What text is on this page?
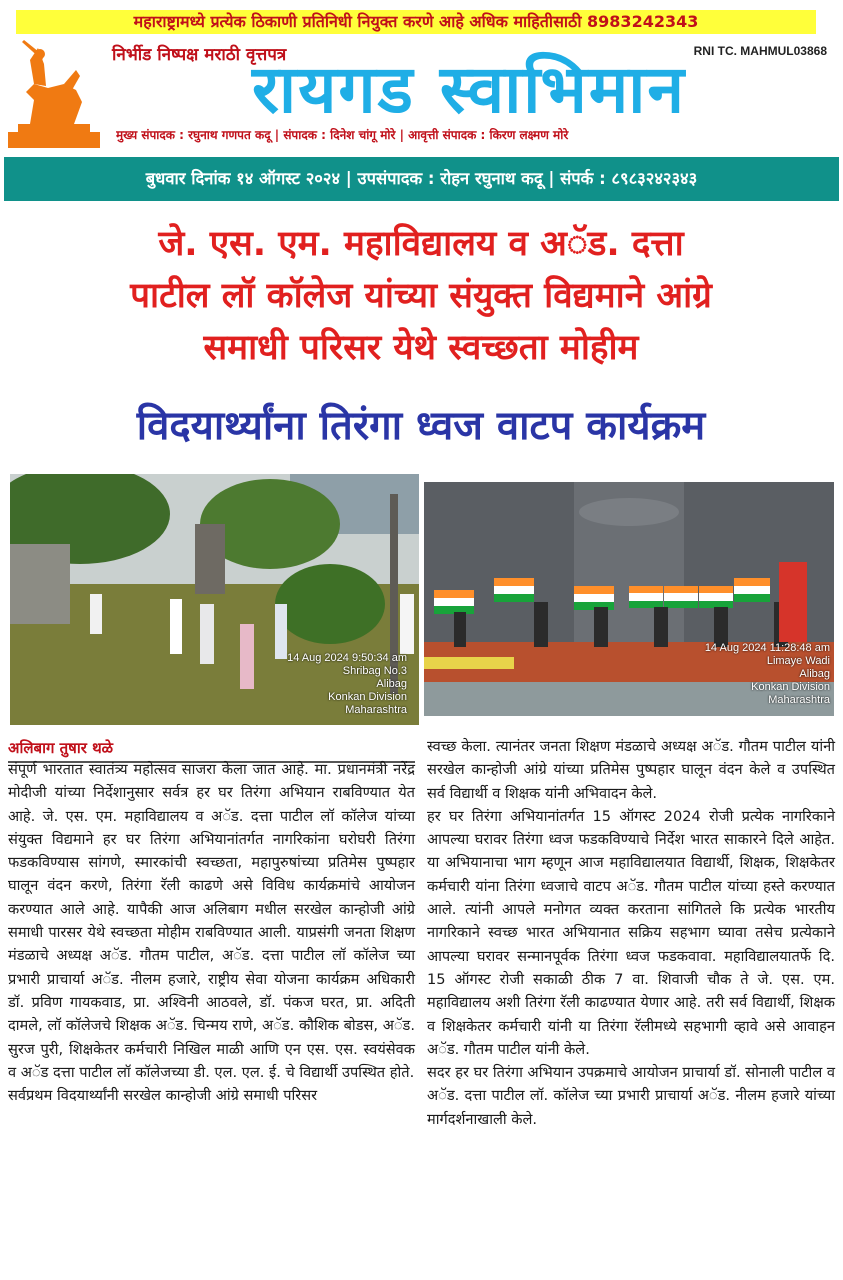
महाराष्ट्रामध्ये प्रत्येक ठिकाणी प्रतिनिधी नियुक्त करणे आहे अधिक माहितीसाठी 8983242343
निर्भीड निष्पक्ष मराठी वृत्तपत्र	RNI TC. MAHMUL03868
रायगड स्वाभिमान
मुख्य संपादक : रघुनाथ गणपत कदू | संपादक : दिनेश चांगू मोरे | आवृत्ती संपादक : किरण लक्ष्मण मोरे
बुधवार दिनांक १४ ऑगस्ट २०२४ | उपसंपादक : रोहन रघुनाथ कदू | संपर्क : ८९८३२४२३४३
जे. एस. एम. महाविद्यालय व अॅड. दत्ता
पाटील लॉ कॉलेज यांच्या संयुक्त विद्यमाने आंग्रे
समाधी परिसर येथे स्वच्छता मोहीम
विदयार्थ्यांना तिरंगा ध्वज वाटप कार्यक्रम
14 Aug 2024 9:50:34 am
Shribag No.3
Alibag
Konkan Division
Maharashtra
14 Aug 2024 11:28:48 am
Limaye Wadi
Alibag
Konkan Division
Maharashtra
अलिबाग तुषार थळे

संपूर्ण भारतात स्वातंत्र्य महोत्सव साजरा केला जात आहे. मा. प्रधानमंत्री नरेंद्र मोदीजी यांच्या निर्देशानुसार सर्वत्र हर घर तिरंगा अभियान राबविण्यात येत आहे. जे. एस. एम. महाविद्यालय व अॅड. दत्ता पाटील लॉ कॉलेज यांच्या संयुक्त विद्यमाने हर घर तिरंगा अभियानांतर्गत नागरिकांना घरोघरी तिरंगा फडकविण्यास सांगणे, स्मारकांची स्वच्छता, महापुरुषांच्या प्रतिमेस पुष्पहार घालून वंदन करणे, तिरंगा रॅली काढणे असे विविध कार्यक्रमांचे आयोजन करण्यात आले आहे. यापैकी आज अलिबाग मधील सरखेल कान्होजी आंग्रे समाधी पारसर येथे स्वच्छता मोहीम राबविण्यात आली. याप्रसंगी जनता शिक्षण मंडळाचे अध्यक्ष अॅड. गौतम पाटील, अॅड. दत्ता पाटील लॉ कॉलेज च्या प्रभारी प्राचार्या अॅड. नीलम हजारे, राष्ट्रीय सेवा योजना कार्यक्रम अधिकारी डॉ. प्रविण गायकवाड, प्रा. अश्विनी आठवले, डॉ. पंकज घरत, प्रा. अदिती दामले, लॉ कॉलेजचे शिक्षक अॅड. चिन्मय राणे, अॅड. कौशिक बोडस, अॅड. सुरज पुरी, शिक्षकेतर कर्मचारी निखिल माळी आणि एन एस. एस. स्वयंसेवक व अॅड दत्ता पाटील लॉ कॉलेजच्या डी. एल. एल. ई. चे विद्यार्थी उपस्थित होते.

सर्वप्रथम विदयार्थ्यांनी सरखेल कान्होजी आंग्रे समाधी परिसर

स्वच्छ केला. त्यानंतर जनता शिक्षण मंडळाचे अध्यक्ष अॅड. गौतम पाटील यांनी सरखेल कान्होजी आंग्रे यांच्या प्रतिमेस पुष्पहार घालून वंदन केले व उपस्थित सर्व विद्यार्थी व शिक्षक यांनी अभिवादन केले.

हर घर तिरंगा अभियानांतर्गत 15 ऑगस्ट 2024 रोजी प्रत्येक नागरिकाने आपल्या घरावर तिरंगा ध्वज फडकविण्याचे निर्देश भारत साकारने दिले आहेत. या अभियानाचा भाग म्हणून आज महाविद्यालयात विद्यार्थी, शिक्षक, शिक्षकेतर कर्मचारी यांना तिरंगा ध्वजाचे वाटप अॅड. गौतम पाटील यांच्या हस्ते करण्यात आले. त्यांनी आपले मनोगत व्यक्त करताना सांगितले कि प्रत्येक भारतीय नागरिकाने स्वच्छ भारत अभियानात सक्रिय सहभाग घ्यावा तसेच प्रत्येकाने आपल्या घरावर सन्मानपूर्वक तिरंगा ध्वज फडकवावा. महाविद्यालयातर्फे दि. 15 ऑगस्ट रोजी सकाळी ठीक 7 वा. शिवाजी चौक ते जे. एस. एम. महाविद्यालय अशी तिरंगा रॅली काढण्यात येणार आहे. तरी सर्व विद्यार्थी, शिक्षक व शिक्षकेतर कर्मचारी यांनी या तिरंगा रॅलीमध्ये सहभागी व्हावे असे आवाहन अॅड. गौतम पाटील यांनी केले.

सदर हर घर तिरंगा अभियान उपक्रमाचे आयोजन प्राचार्या डॉ. सोनाली पाटील व अॅड. दत्ता पाटील लॉ. कॉलेज च्या प्रभारी प्राचार्या अॅड. नीलम हजारे यांच्या मार्गदर्शनाखाली केले.
